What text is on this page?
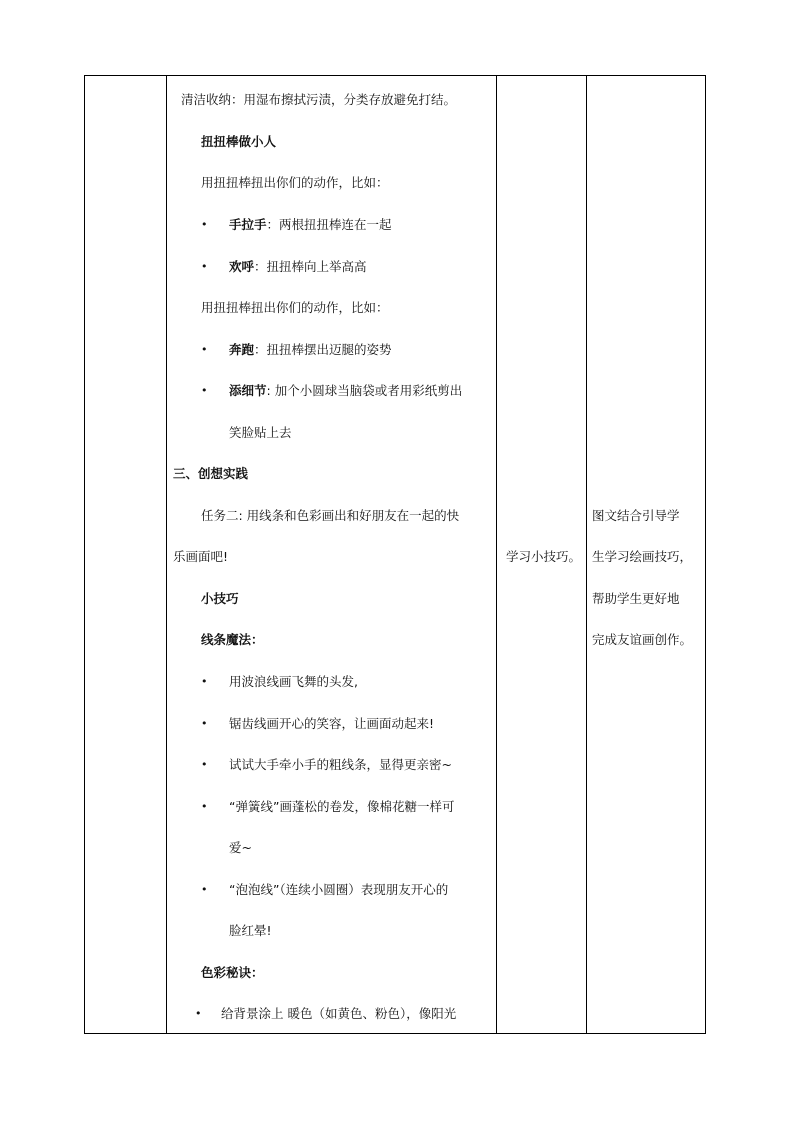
清洁收纳：用湿布擦拭污渍，分类存放避免打结。
扭扭棒做小人
用扭扭棒扭出你们的动作，比如：
• 手拉手：两根扭扭棒连在一起
• 欢呼：扭扭棒向上举高高
用扭扭棒扭出你们的动作，比如：
• 奔跑：扭扭棒摆出迈腿的姿势
• 添细节: 加个小圆球当脑袋或者用彩纸剪出
笑脸贴上去
三、创想实践
任务二: 用线条和色彩画出和好朋友在一起的快
乐画面吧!
小技巧
线条魔法：
• 用波浪线画飞舞的头发,
• 锯齿线画开心的笑容，让画面动起来!
• 试试大手牵小手的粗线条，显得更亲密~
• “弹簧线”画蓬松的卷发，像棉花糖一样可
爱~
• “泡泡线”（连续小圆圈）表现朋友开心的
脸红晕!
色彩秘诀：
• 给背景涂上 暖色（如黄色、粉色），像阳光
学习小技巧。
图文结合引导学
生学习绘画技巧，
帮助学生更好地
完成友谊画创作。
